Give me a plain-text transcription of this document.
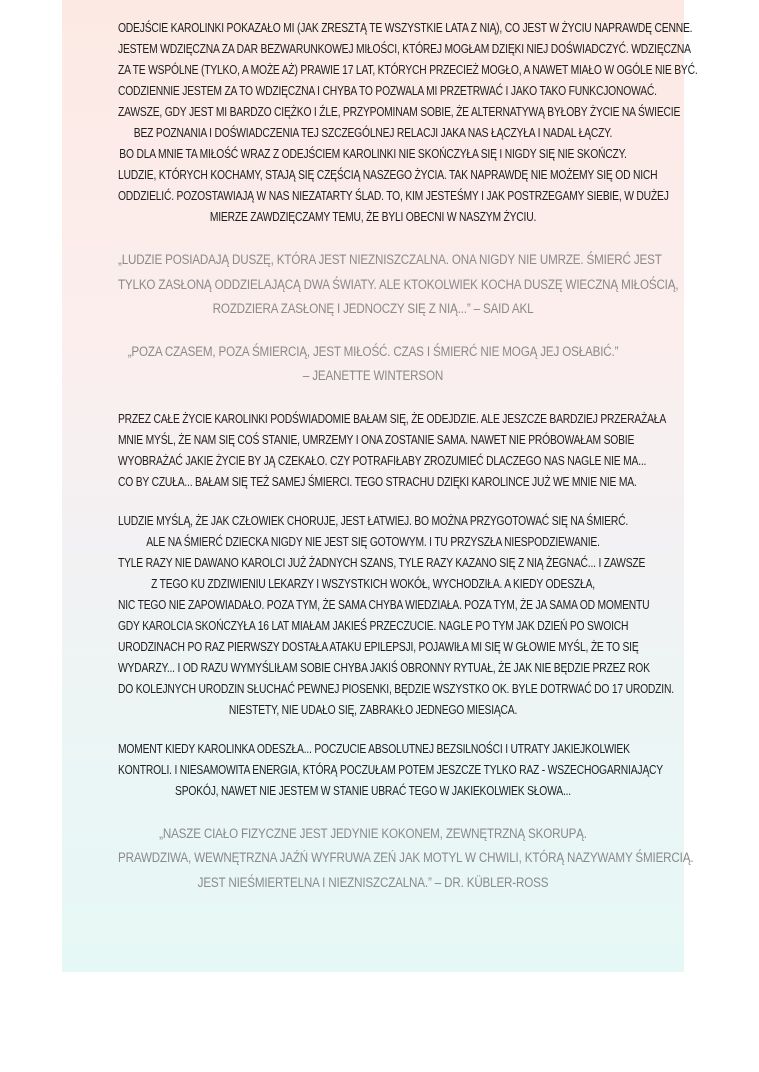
ODEJŚCIE KAROLINKI POKAZAŁO MI (JAK ZRESZTĄ TE WSZYSTKIE LATA Z NIĄ), CO JEST W ŻYCIU NAPRAWDĘ CENNE.
JESTEM WDZIĘCZNA ZA DAR BEZWARUNKOWEJ MIŁOŚCI, KTÓREJ MOGŁAM DZIĘKI NIEJ DOŚWIADCZYĆ. WDZIĘCZNA
ZA TE WSPÓLNE (TYLKO, A MOŻE AŻ) PRAWIE 17 LAT, KTÓRYCH PRZECIEŻ MOGŁO, A NAWET MIAŁO W OGÓLE NIE BYĆ.
CODZIENNIE JESTEM ZA TO WDZIĘCZNA I CHYBA TO POZWALA MI PRZETRWAĆ I JAKO TAKO FUNKCJONOWAĆ.
ZAWSZE, GDY JEST MI BARDZO CIĘŻKO I ŹLE, PRZYPOMINAM SOBIE, ŻE ALTERNATYWĄ BYŁOBY ŻYCIE NA ŚWIECIE
BEZ POZNANIA I DOŚWIADCZENIA TEJ SZCZEGÓLNEJ RELACJI JAKA NAS ŁĄCZYŁA I NADAL ŁĄCZY.
BO DLA MNIE TA MIŁOŚĆ WRAZ Z ODEJŚCIEM KAROLINKI NIE SKOŃCZYŁA SIĘ I NIGDY SIĘ NIE SKOŃCZY.
LUDZIE, KTÓRYCH KOCHAMY, STAJĄ SIĘ CZĘŚCIĄ NASZEGO ŻYCIA. TAK NAPRAWDĘ NIE MOŻEMY SIĘ OD NICH
ODDZIELIĆ. POZOSTAWIAJĄ W NAS NIEZATARTY ŚLAD. TO, KIM JESTEŚMY I JAK POSTRZEGAMY SIEBIE, W DUŻEJ
MIERZE ZAWDZIĘCZAMY TEMU, ŻE BYLI OBECNI W NASZYM ŻYCIU.
„LUDZIE POSIADAJĄ DUSZĘ, KTÓRA JEST NIEZNISZCZALNA. ONA NIGDY NIE UMRZE. ŚMIERĆ JEST
TYLKO ZASŁONĄ ODDZIELAJĄCĄ DWA ŚWIATY. ALE KTOKOLWIEK KOCHA DUSZĘ WIECZNĄ MIŁOŚCIĄ,
ROZDZIERA ZASŁONĘ I JEDNOCZY SIĘ Z NIĄ...” – SAID AKL
„POZA CZASEM, POZA ŚMIERCIĄ, JEST MIŁOŚĆ. CZAS I ŚMIERĆ NIE MOGĄ JEJ OSŁABIĆ.”
– JEANETTE WINTERSON
PRZEZ CAŁE ŻYCIE KAROLINKI PODŚWIADOMIE BAŁAM SIĘ, ŻE ODEJDZIE. ALE JESZCZE BARDZIEJ PRZERAŻAŁA
MNIE MYŚL, ŻE NAM SIĘ COŚ STANIE, UMRZEMY I ONA ZOSTANIE SAMA. NAWET NIE PRÓBOWAŁAM SOBIE
WYOBRAŻAĆ JAKIE ŻYCIE BY JĄ CZEKAŁO. CZY POTRAFIŁABY ZROZUMIEĆ DLACZEGO NAS NAGLE NIE MA...
CO BY CZUŁA... BAŁAM SIĘ TEŻ SAMEJ ŚMIERCI. TEGO STRACHU DZIĘKI KAROLINCE JUŻ WE MNIE NIE MA.
LUDZIE MYŚLĄ, ŻE JAK CZŁOWIEK CHORUJE, JEST ŁATWIEJ. BO MOŻNA PRZYGOTOWAĆ SIĘ NA ŚMIERĆ.
ALE NA ŚMIERĆ DZIECKA NIGDY NIE JEST SIĘ GOTOWYM. I TU PRZYSZŁA NIESPODZIEWANIE.
TYLE RAZY NIE DAWANO KAROLCI JUŻ ŻADNYCH SZANS, TYLE RAZY KAZANO SIĘ Z NIĄ ŻEGNAĆ... I ZAWSZE
Z TEGO KU ZDZIWIENIU LEKARZY I WSZYSTKICH WOKÓŁ, WYCHODZIŁA. A KIEDY ODESZŁA,
NIC TEGO NIE ZAPOWIADAŁO. POZA TYM, ŻE SAMA CHYBA WIEDZIAŁA. POZA TYM, ŻE JA SAMA OD MOMENTU
GDY KAROLCIA SKOŃCZYŁA 16 LAT MIAŁAM JAKIEŚ PRZECZUCIE. NAGLE PO TYM JAK DZIEŃ PO SWOICH
URODZINACH PO RAZ PIERWSZY DOSTAŁA ATAKU EPILEPSJI, POJAWIŁA MI SIĘ W GŁOWIE MYŚL, ŻE TO SIĘ
WYDARZY... I OD RAZU WYMYŚLIŁAM SOBIE CHYBA JAKIŚ OBRONNY RYTUAŁ, ŻE JAK NIE BĘDZIE PRZEZ ROK
DO KOLEJNYCH URODZIN SŁUCHAĆ PEWNEJ PIOSENKI, BĘDZIE WSZYSTKO OK. BYLE DOTRWAĆ DO 17 URODZIN.
NIESTETY, NIE UDAŁO SIĘ, ZABRAKŁO JEDNEGO MIESIĄCA.
MOMENT KIEDY KAROLINKA ODESZŁA... POCZUCIE ABSOLUTNEJ BEZSILNOŚCI I UTRATY JAKIEJKOLWIEK
KONTROLI. I NIESAMOWITA ENERGIA, KTÓRĄ POCZUŁAM POTEM JESZCZE TYLKO RAZ - WSZECHOGARNIAJĄCY
SPOKÓJ, NAWET NIE JESTEM W STANIE UBRAĆ TEGO W JAKIEKOLWIEK SŁOWA...
„NASZE CIAŁO FIZYCZNE JEST JEDYNIE KOKONEM, ZEWNĘTRZNĄ SKORUPĄ.
PRAWDZIWA, WEWNĘTRZNA JAŹŃ WYFRUWA ZEŃ JAK MOTYL W CHWILI, KTÓRĄ NAZYWAMY ŚMIERCIĄ.
JEST NIEŚMIERTELNA I NIEZNISZCZALNA.” – DR. KÜBLER-ROSS
